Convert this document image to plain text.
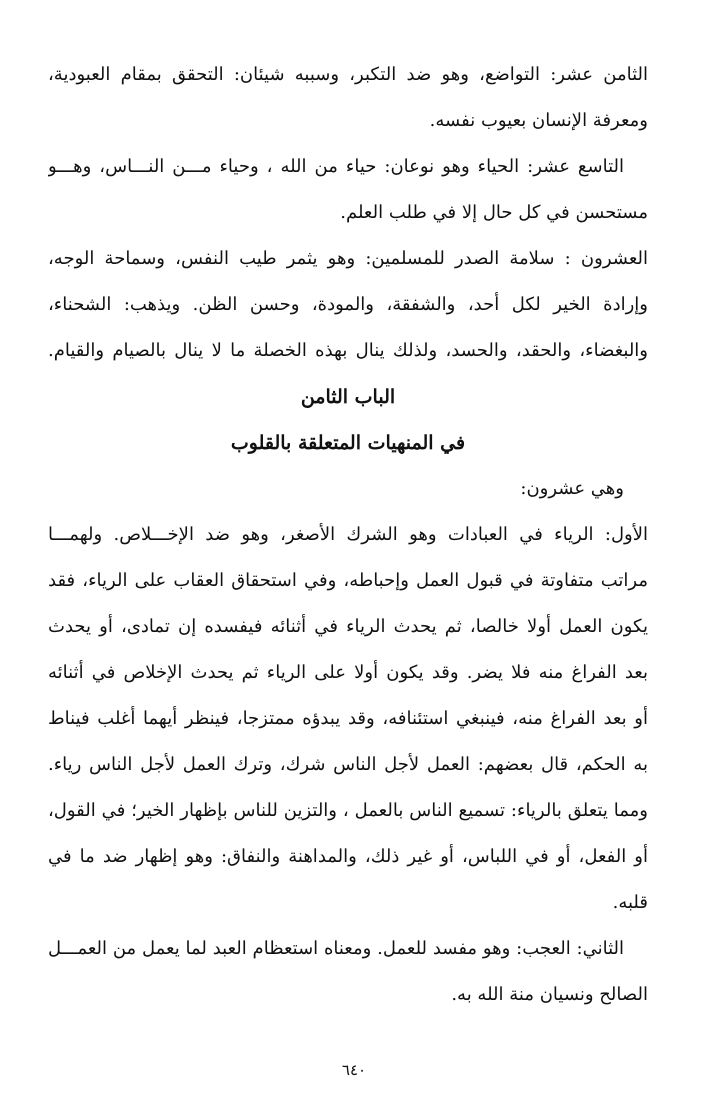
الثامن عشر: التواضع، وهو ضد التكبر، وسببه شيئان: التحقق بمقام العبودية،
ومعرفة الإنسان بعيوب نفسه.

التاسع عشر: الحياء وهو نوعان: حياء من الله ، وحياء مـــن النـــاس، وهـــو
مستحسن في كل حال إلا في طلب العلم.

العشرون : سلامة الصدر للمسلمين: وهو يثمر طيب النفس، وسماحة الوجه،
وإرادة الخير لكل أحد، والشفقة، والمودة، وحسن الظن. ويذهب: الشحناء،
والبغضاء، والحقد، والحسد، ولذلك ينال بهذه الخصلة ما لا ينال بالصيام والقيام.

الباب الثامن
في المنهيات المتعلقة بالقلوب

وهي عشرون:

الأول: الرياء في العبادات وهو الشرك الأصغر، وهو ضد الإخـــلاص. ولهمـــا
مراتب متفاوتة في قبول العمل وإحباطه، وفي استحقاق العقاب على الرياء، فقد
يكون العمل أولا خالصا، ثم يحدث الرياء في أثنائه فيفسده إن تمادى، أو يحدث
بعد الفراغ منه فلا يضر. وقد يكون أولا على الرياء ثم يحدث الإخلاص في أثنائه
أو بعد الفراغ منه، فينبغي استئنافه، وقد يبدؤه ممتزجا، فينظر أيهما أغلب فيناط
به الحكم، قال بعضهم: العمل لأجل الناس شرك، وترك العمل لأجل الناس رياء.
ومما يتعلق بالرياء: تسميع الناس بالعمل ، والتزين للناس بإظهار الخير؛ في القول،
أو الفعل، أو في اللباس، أو غير ذلك، والمداهنة والنفاق: وهو إظهار ضد ما في
قلبه.

الثاني: العجب: وهو مفسد للعمل. ومعناه استعظام العبد لما يعمل من العمـــل
الصالح ونسيان منة الله به.

٦٤٠
